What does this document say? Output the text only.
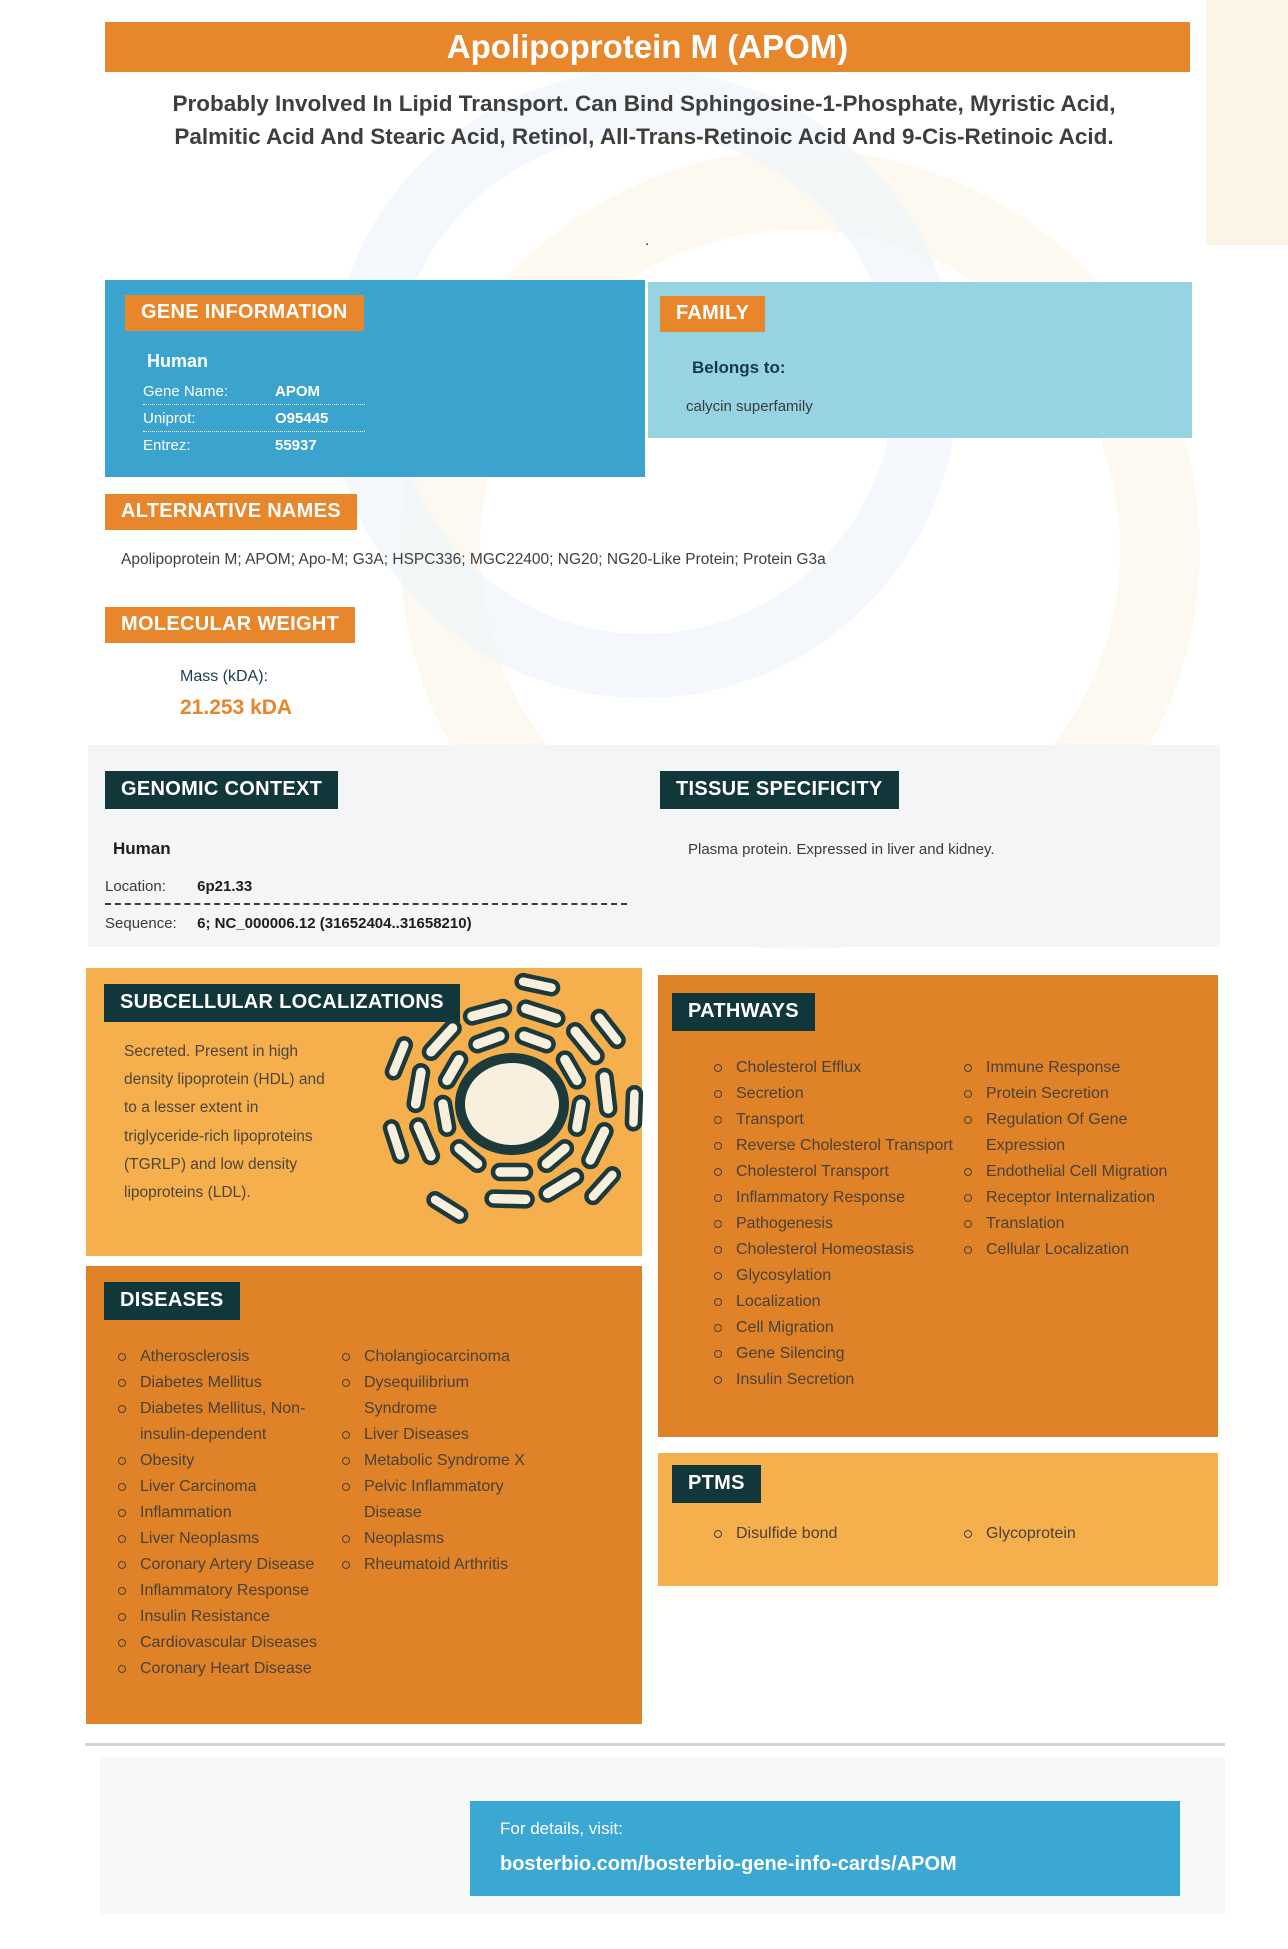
Apolipoprotein M (APOM)
Probably Involved In Lipid Transport. Can Bind Sphingosine-1-Phosphate, Myristic Acid, Palmitic Acid And Stearic Acid, Retinol, All-Trans-Retinoic Acid And 9-Cis-Retinoic Acid.
.
GENE INFORMATION
Human
Gene Name:	APOM
Uniprot:	O95445
Entrez:	55937
FAMILY
Belongs to:
calycin superfamily
ALTERNATIVE NAMES
Apolipoprotein M; APOM; Apo-M; G3A; HSPC336; MGC22400; NG20; NG20-Like Protein; Protein G3a
MOLECULAR WEIGHT
Mass (kDA):
21.253 kDA
GENOMIC CONTEXT
Human
Location: 6p21.33
Sequence: 6; NC_000006.12 (31652404..31658210)
TISSUE SPECIFICITY
Plasma protein. Expressed in liver and kidney.
SUBCELLULAR LOCALIZATIONS
Secreted. Present in high density lipoprotein (HDL) and to a lesser extent in triglyceride-rich lipoproteins (TGRLP) and low density lipoproteins (LDL).
PATHWAYS
Cholesterol Efflux
Secretion
Transport
Reverse Cholesterol Transport
Cholesterol Transport
Inflammatory Response
Pathogenesis
Cholesterol Homeostasis
Glycosylation
Localization
Cell Migration
Gene Silencing
Insulin Secretion
Immune Response
Protein Secretion
Regulation Of Gene Expression
Endothelial Cell Migration
Receptor Internalization
Translation
Cellular Localization
DISEASES
Atherosclerosis
Diabetes Mellitus
Diabetes Mellitus, Non-insulin-dependent
Obesity
Liver Carcinoma
Inflammation
Liver Neoplasms
Coronary Artery Disease
Inflammatory Response
Insulin Resistance
Cardiovascular Diseases
Coronary Heart Disease
Cholangiocarcinoma
Dysequilibrium Syndrome
Liver Diseases
Metabolic Syndrome X
Pelvic Inflammatory Disease
Neoplasms
Rheumatoid Arthritis
PTMS
Disulfide bond	Glycoprotein
For details, visit:
bosterbio.com/bosterbio-gene-info-cards/APOM
